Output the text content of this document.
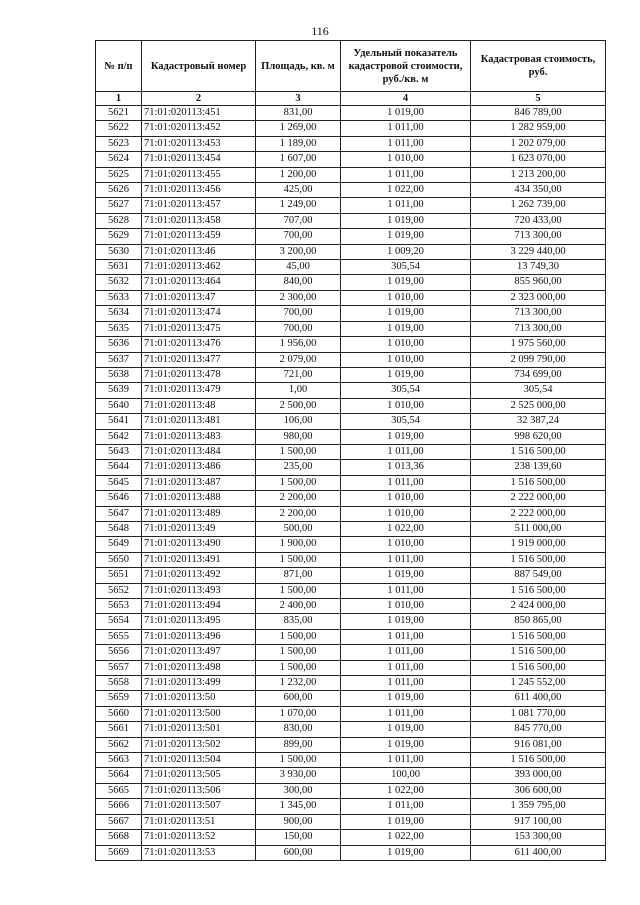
116
№ п/п	Кадастровый номер	Площадь, кв. м	Удельный показатель кадастровой стоимости, руб./кв. м	Кадастровая стоимость, руб.
1	2	3	4	5
5621	71:01:020113:451	831,00	1 019,00	846 789,00
5622	71:01:020113:452	1 269,00	1 011,00	1 282 959,00
5623	71:01:020113:453	1 189,00	1 011,00	1 202 079,00
5624	71:01:020113:454	1 607,00	1 010,00	1 623 070,00
5625	71:01:020113:455	1 200,00	1 011,00	1 213 200,00
5626	71:01:020113:456	425,00	1 022,00	434 350,00
5627	71:01:020113:457	1 249,00	1 011,00	1 262 739,00
5628	71:01:020113:458	707,00	1 019,00	720 433,00
5629	71:01:020113:459	700,00	1 019,00	713 300,00
5630	71:01:020113:46	3 200,00	1 009,20	3 229 440,00
5631	71:01:020113:462	45,00	305,54	13 749,30
5632	71:01:020113:464	840,00	1 019,00	855 960,00
5633	71:01:020113:47	2 300,00	1 010,00	2 323 000,00
5634	71:01:020113:474	700,00	1 019,00	713 300,00
5635	71:01:020113:475	700,00	1 019,00	713 300,00
5636	71:01:020113:476	1 956,00	1 010,00	1 975 560,00
5637	71:01:020113:477	2 079,00	1 010,00	2 099 790,00
5638	71:01:020113:478	721,00	1 019,00	734 699,00
5639	71:01:020113:479	1,00	305,54	305,54
5640	71:01:020113:48	2 500,00	1 010,00	2 525 000,00
5641	71:01:020113:481	106,00	305,54	32 387,24
5642	71:01:020113:483	980,00	1 019,00	998 620,00
5643	71:01:020113:484	1 500,00	1 011,00	1 516 500,00
5644	71:01:020113:486	235,00	1 013,36	238 139,60
5645	71:01:020113:487	1 500,00	1 011,00	1 516 500,00
5646	71:01:020113:488	2 200,00	1 010,00	2 222 000,00
5647	71:01:020113:489	2 200,00	1 010,00	2 222 000,00
5648	71:01:020113:49	500,00	1 022,00	511 000,00
5649	71:01:020113:490	1 900,00	1 010,00	1 919 000,00
5650	71:01:020113:491	1 500,00	1 011,00	1 516 500,00
5651	71:01:020113:492	871,00	1 019,00	887 549,00
5652	71:01:020113:493	1 500,00	1 011,00	1 516 500,00
5653	71:01:020113:494	2 400,00	1 010,00	2 424 000,00
5654	71:01:020113:495	835,00	1 019,00	850 865,00
5655	71:01:020113:496	1 500,00	1 011,00	1 516 500,00
5656	71:01:020113:497	1 500,00	1 011,00	1 516 500,00
5657	71:01:020113:498	1 500,00	1 011,00	1 516 500,00
5658	71:01:020113:499	1 232,00	1 011,00	1 245 552,00
5659	71:01:020113:50	600,00	1 019,00	611 400,00
5660	71:01:020113:500	1 070,00	1 011,00	1 081 770,00
5661	71:01:020113:501	830,00	1 019,00	845 770,00
5662	71:01:020113:502	899,00	1 019,00	916 081,00
5663	71:01:020113:504	1 500,00	1 011,00	1 516 500,00
5664	71:01:020113:505	3 930,00	100,00	393 000,00
5665	71:01:020113:506	300,00	1 022,00	306 600,00
5666	71:01:020113:507	1 345,00	1 011,00	1 359 795,00
5667	71:01:020113:51	900,00	1 019,00	917 100,00
5668	71:01:020113:52	150,00	1 022,00	153 300,00
5669	71:01:020113:53	600,00	1 019,00	611 400,00
